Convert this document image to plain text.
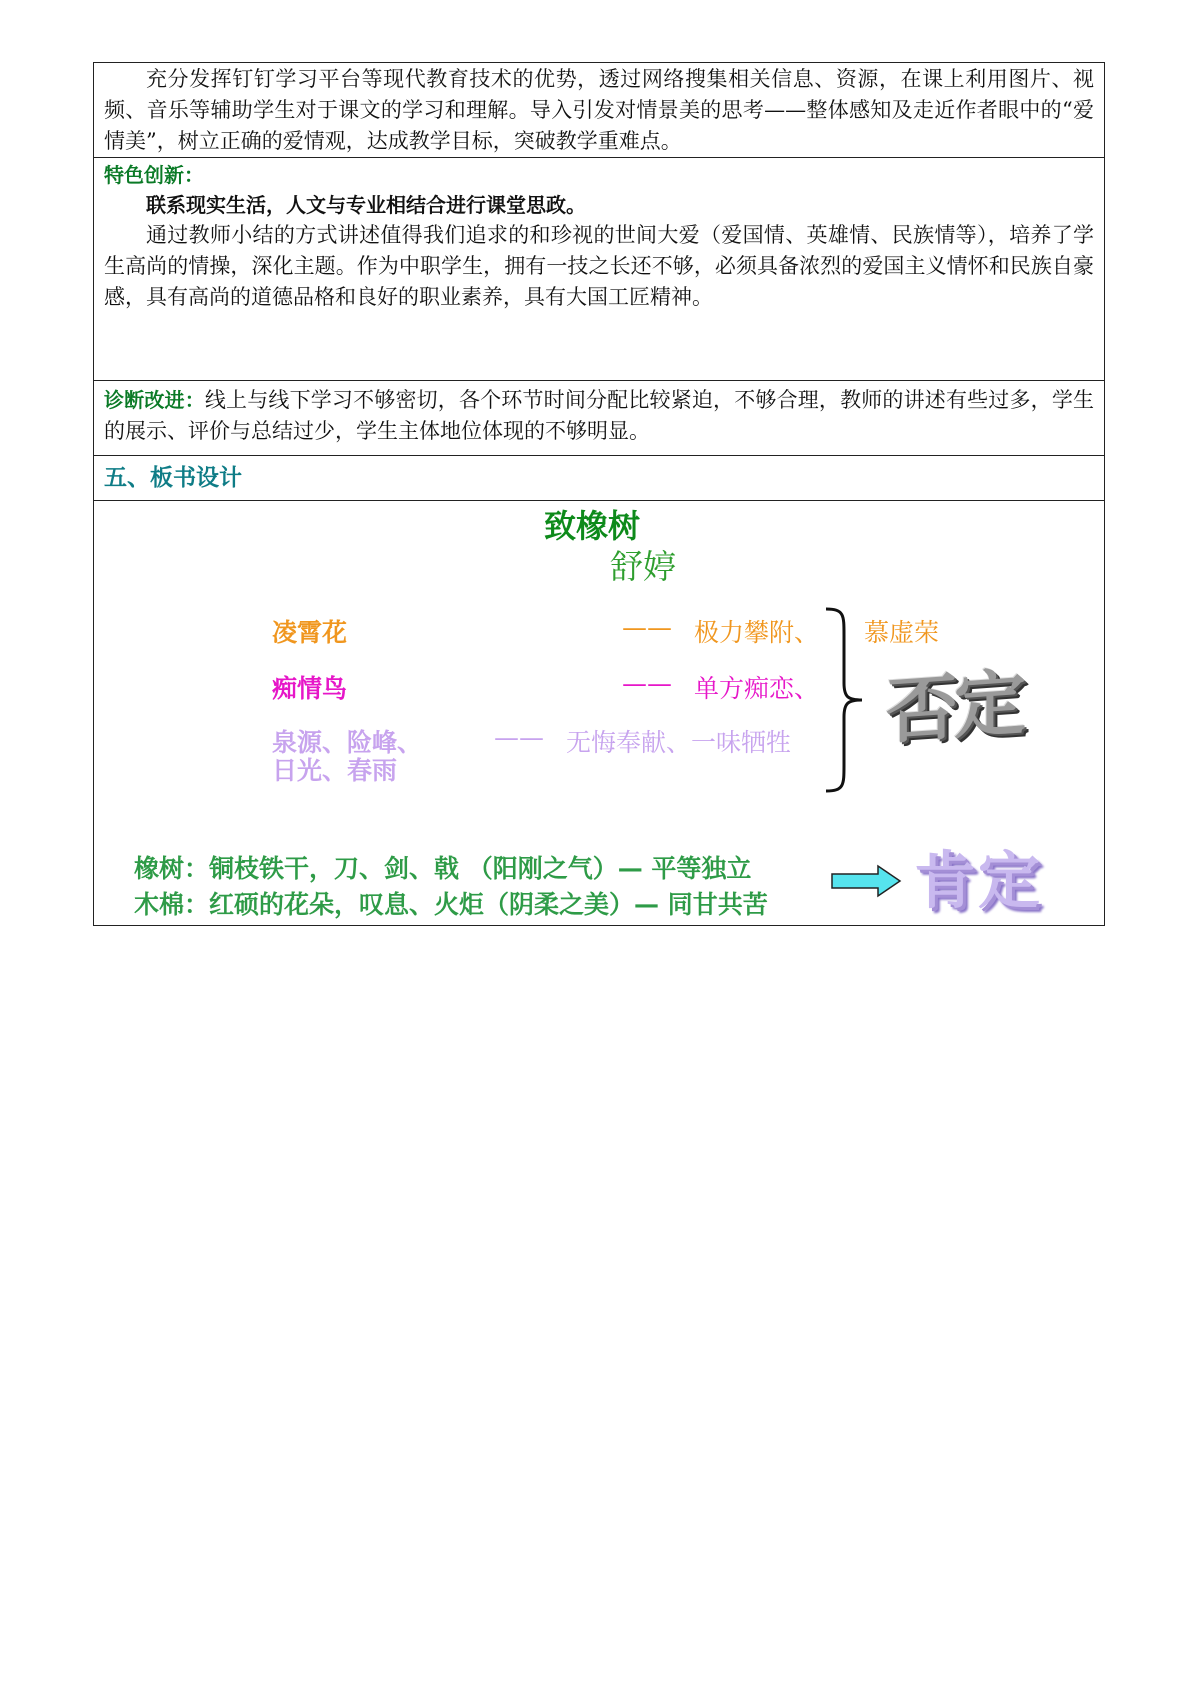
充分发挥钉钉学习平台等现代教育技术的优势，透过网络搜集相关信息、资源，在课上利用图片、视频、音乐等辅助学生对于课文的学习和理解。导入引发对情景美的思考——整体感知及走近作者眼中的“爱情美”，树立正确的爱情观，达成教学目标，突破教学重难点。

特色创新：

联系现实生活，人文与专业相结合进行课堂思政。

通过教师小结的方式讲述值得我们追求的和珍视的世间大爱（爱国情、英雄情、民族情等），培养了学生高尚的情操，深化主题。作为中职学生，拥有一技之长还不够，必须具备浓烈的爱国主义情怀和民族自豪感，具有高尚的道德品格和良好的职业素养，具有大国工匠精神。

诊断改进：线上与线下学习不够密切，各个环节时间分配比较紧迫，不够合理，教师的讲述有些过多，学生的展示、评价与总结过少，学生主体地位体现的不够明显。

五、板书设计

致橡树
舒婷
凌霄花	—— 极力攀附、 慕虚荣
痴情鸟	—— 单方痴恋、
泉源、险峰、
日光、春雨
—— 无悔奉献、一味牺牲 否定
橡树：铜枝铁干，刀、剑、戟 （阳刚之气）— 平等独立
木棉：红硕的花朵，叹息、火炬（阴柔之美）— 同甘共苦 肯定
